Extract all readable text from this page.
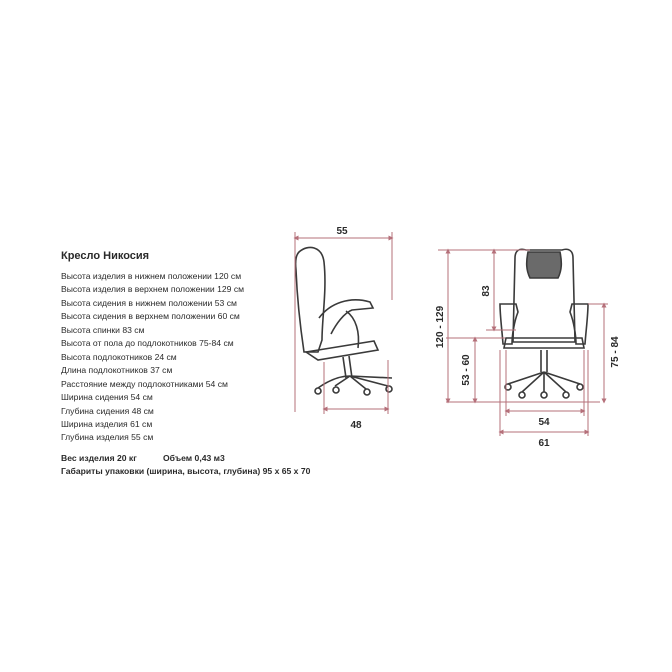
Кресло Никосия
Высота изделия в нижнем положении 120 см
Высота изделия в верхнем положении 129 см
Высота сидения в нижнем положении 53 см
Высота сидения в верхнем положении 60 см
Высота спинки 83 см
Высота от пола до подлокотников 75-84 см
Высота подлокотников 24 см
Длина подлокотников 37 см
Расстояние между подлокотниками 54 см
Ширина сидения 54 см
Глубина сидения 48 см
Ширина изделия 61 см
Глубина изделия 55 см
Вес изделия 20 кг	Объем 0,43 м3
Габариты упаковки (ширина, высота, глубина) 95 х 65 х 70
55
48
120 - 129
83
53 - 60
75 - 84
54
61
